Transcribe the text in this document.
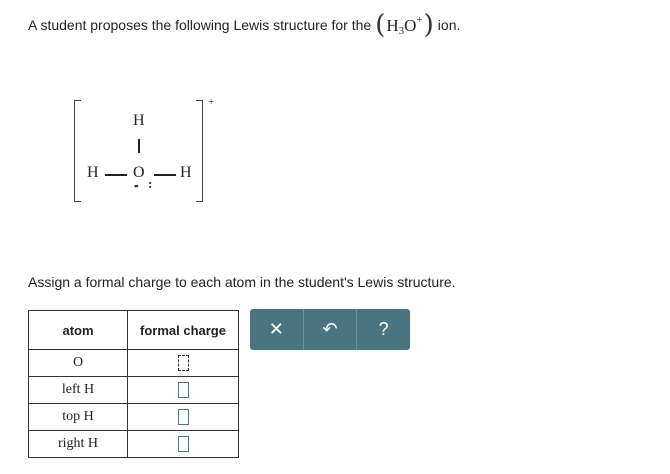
A student proposes the following Lewis structure for the ( $H_3O^+$ ) ion.
+
H
H O
H
:
••
Assign a formal charge to each atom in the student's Lewis structure.
atom	formal charge
O	
left H	
top H	
right H	
✕ ↶ ?
